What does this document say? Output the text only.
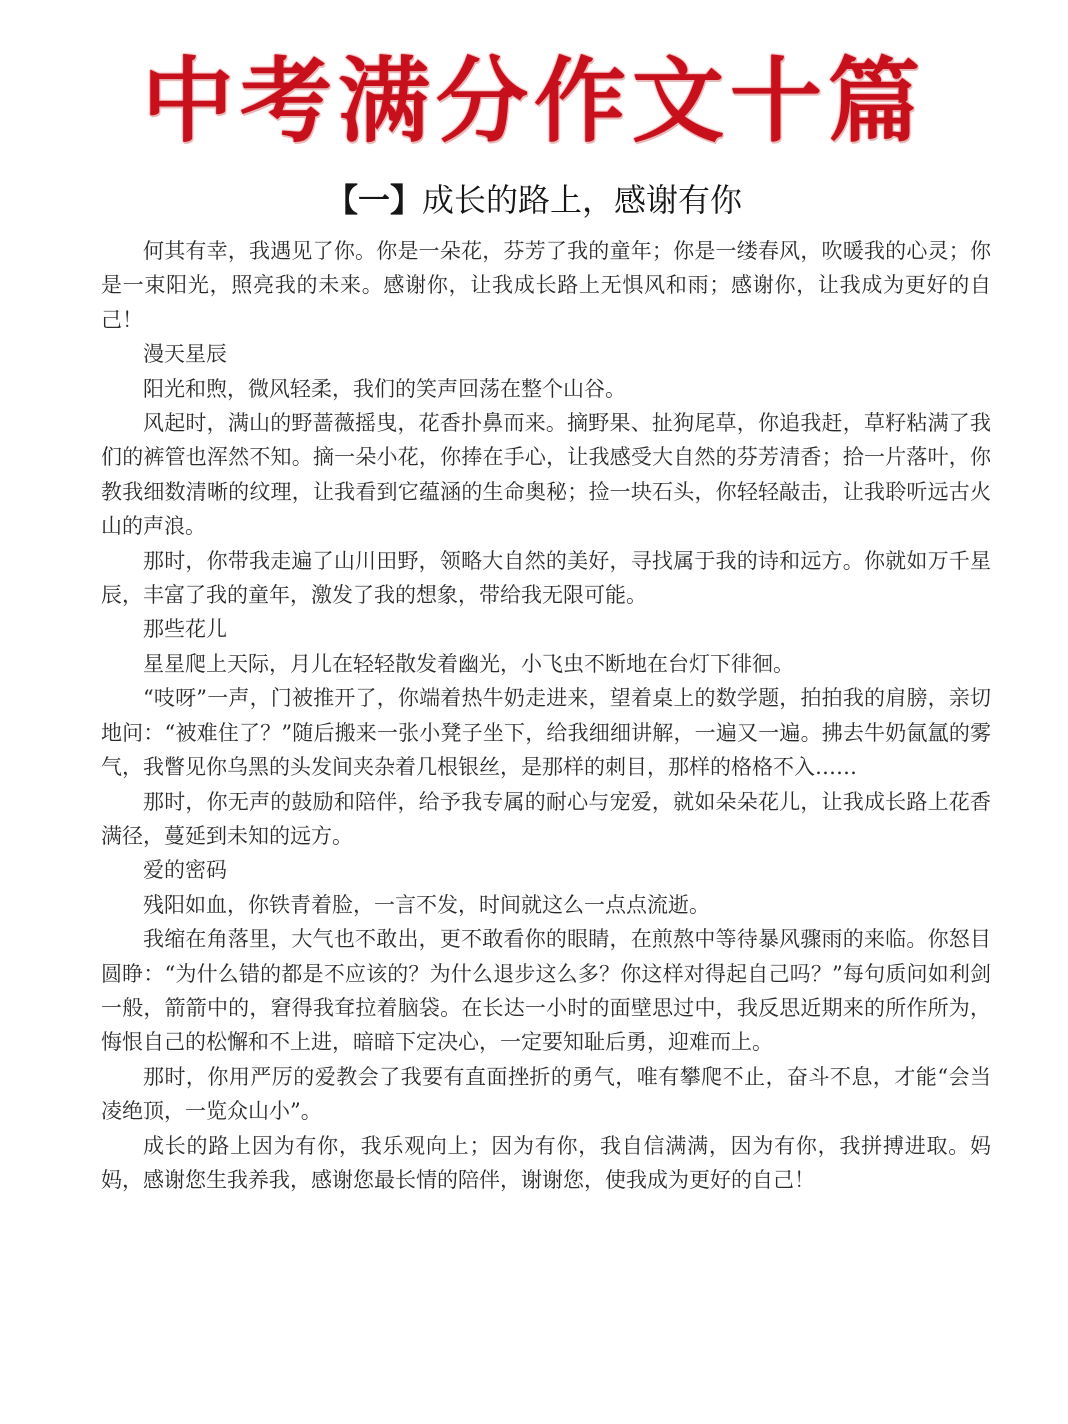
中考满分作文十篇
【一】成长的路上，感谢有你

何其有幸，我遇见了你。你是一朵花，芬芳了我的童年；你是一缕春风，吹暖我的心灵；你是一束阳光，照亮我的未来。感谢你，让我成长路上无惧风和雨；感谢你，让我成为更好的自己！

漫天星辰

阳光和煦，微风轻柔，我们的笑声回荡在整个山谷。

风起时，满山的野蔷薇摇曳，花香扑鼻而来。摘野果、扯狗尾草，你追我赶，草籽粘满了我们的裤管也浑然不知。摘一朵小花，你捧在手心，让我感受大自然的芬芳清香；拾一片落叶，你教我细数清晰的纹理，让我看到它蕴涵的生命奥秘；捡一块石头，你轻轻敲击，让我聆听远古火山的声浪。

那时，你带我走遍了山川田野，领略大自然的美好，寻找属于我的诗和远方。你就如万千星辰，丰富了我的童年，激发了我的想象，带给我无限可能。

那些花儿

星星爬上天际，月儿在轻轻散发着幽光，小飞虫不断地在台灯下徘徊。

“吱呀”一声，门被推开了，你端着热牛奶走进来，望着桌上的数学题，拍拍我的肩膀，亲切地问：“被难住了？”随后搬来一张小凳子坐下，给我细细讲解，一遍又一遍。拂去牛奶氤氲的雾气，我瞥见你乌黑的头发间夹杂着几根银丝，是那样的刺目，那样的格格不入……

那时，你无声的鼓励和陪伴，给予我专属的耐心与宠爱，就如朵朵花儿，让我成长路上花香满径，蔓延到未知的远方。

爱的密码

残阳如血，你铁青着脸，一言不发，时间就这么一点点流逝。

我缩在角落里，大气也不敢出，更不敢看你的眼睛，在煎熬中等待暴风骤雨的来临。你怒目圆睁：“为什么错的都是不应该的？为什么退步这么多？你这样对得起自己吗？”每句质问如利剑一般，箭箭中的，窘得我耷拉着脑袋。在长达一小时的面壁思过中，我反思近期来的所作所为，悔恨自己的松懈和不上进，暗暗下定决心，一定要知耻后勇，迎难而上。

那时，你用严厉的爱教会了我要有直面挫折的勇气，唯有攀爬不止，奋斗不息，才能“会当凌绝顶，一览众山小”。

成长的路上因为有你，我乐观向上；因为有你，我自信满满，因为有你，我拼搏进取。妈妈，感谢您生我养我，感谢您最长情的陪伴，谢谢您，使我成为更好的自己！
